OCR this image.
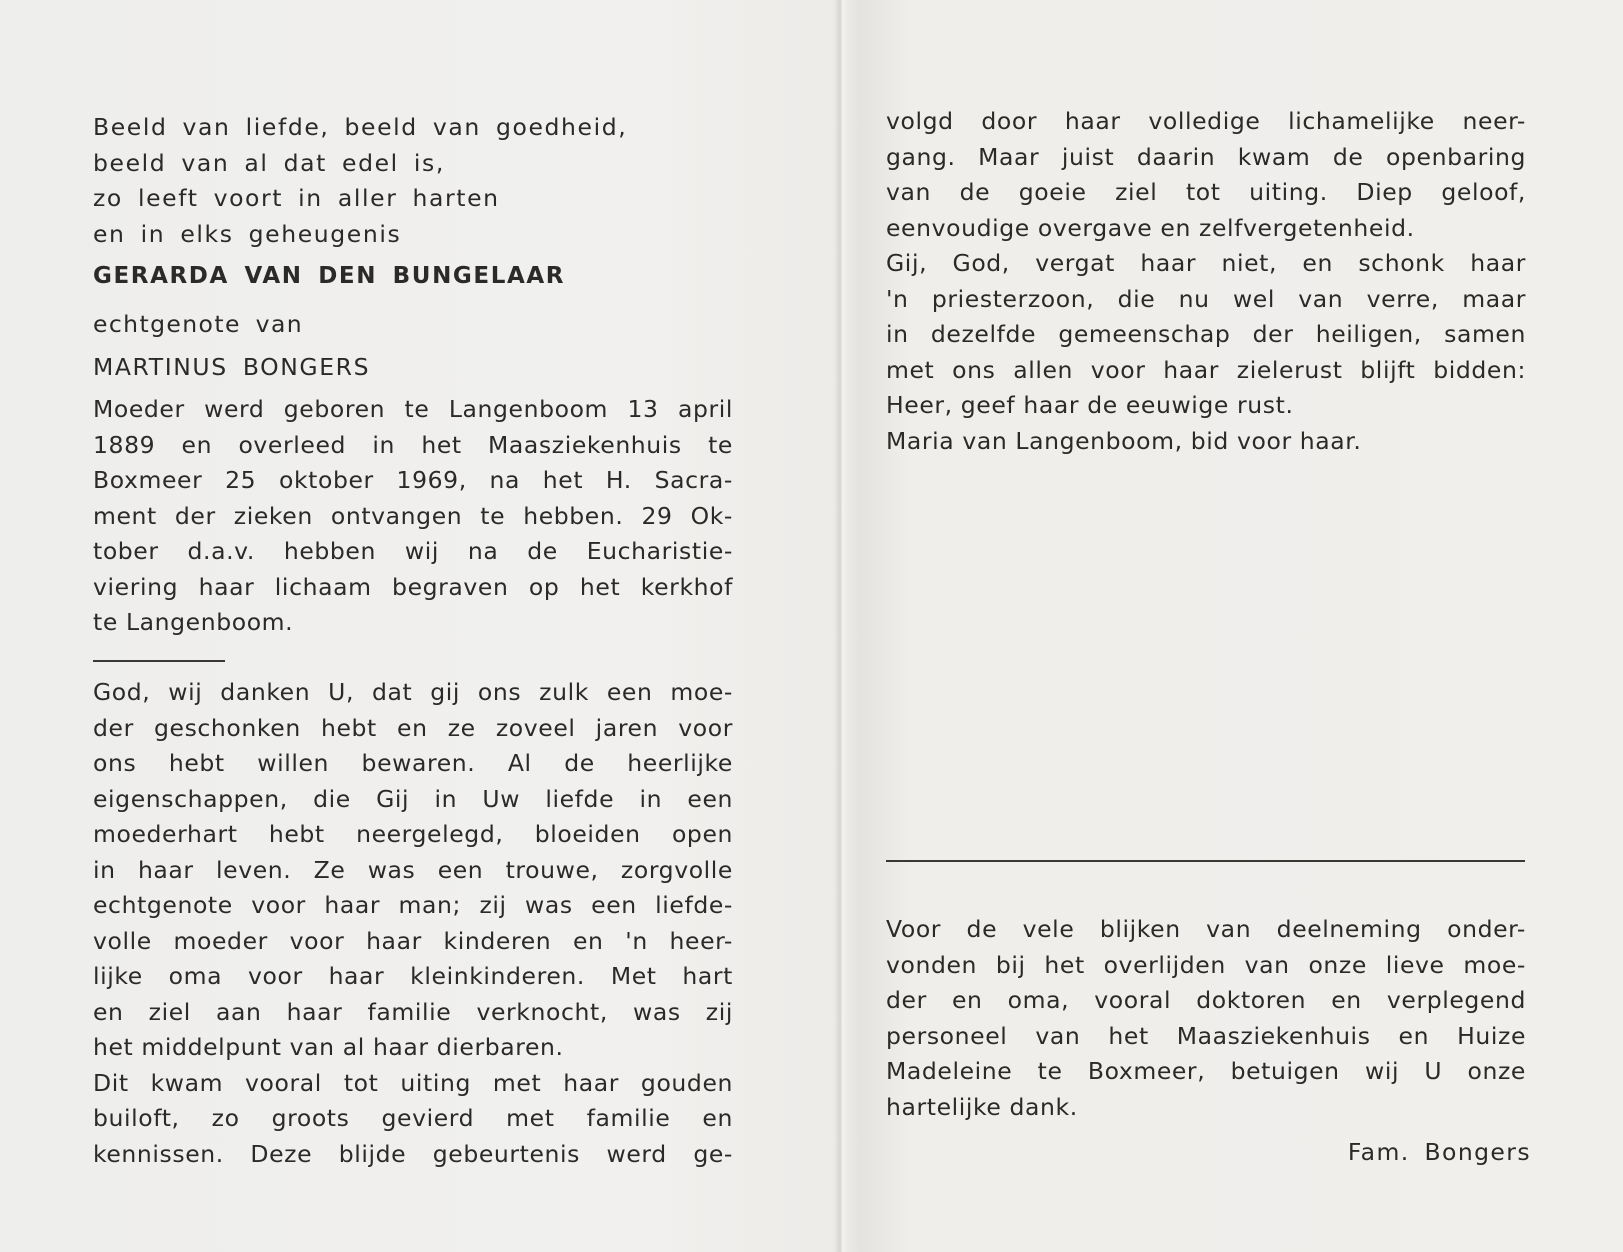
Beeld van liefde, beeld van goedheid,
beeld van al dat edel is,
zo leeft voort in aller harten
en in elks geheugenis
GERARDA VAN DEN BUNGELAAR
echtgenote van
MARTINUS BONGERS
Moeder werd geboren te Langenboom 13 april
1889 en overleed in het Maasziekenhuis te
Boxmeer 25 oktober 1969, na het H. Sacra-
ment der zieken ontvangen te hebben. 29 Ok-
tober d.a.v. hebben wij na de Eucharistie-
viering haar lichaam begraven op het kerkhof
te Langenboom.
God, wij danken U, dat gij ons zulk een moe-
der geschonken hebt en ze zoveel jaren voor
ons hebt willen bewaren. Al de heerlijke
eigenschappen, die Gij in Uw liefde in een
moederhart hebt neergelegd, bloeiden open
in haar leven. Ze was een trouwe, zorgvolle
echtgenote voor haar man; zij was een liefde-
volle moeder voor haar kinderen en 'n heer-
lijke oma voor haar kleinkinderen. Met hart
en ziel aan haar familie verknocht, was zij
het middelpunt van al haar dierbaren.
Dit kwam vooral tot uiting met haar gouden
builoft, zo groots gevierd met familie en
kennissen. Deze blijde gebeurtenis werd ge-
volgd door haar volledige lichamelijke neer-
gang. Maar juist daarin kwam de openbaring
van de goeie ziel tot uiting. Diep geloof,
eenvoudige overgave en zelfvergetenheid.
Gij, God, vergat haar niet, en schonk haar
'n priesterzoon, die nu wel van verre, maar
in dezelfde gemeenschap der heiligen, samen
met ons allen voor haar zielerust blijft bidden:
Heer, geef haar de eeuwige rust.
Maria van Langenboom, bid voor haar.
Voor de vele blijken van deelneming onder-
vonden bij het overlijden van onze lieve moe-
der en oma, vooral doktoren en verplegend
personeel van het Maasziekenhuis en Huize
Madeleine te Boxmeer, betuigen wij U onze
hartelijke dank.
Fam. Bongers
